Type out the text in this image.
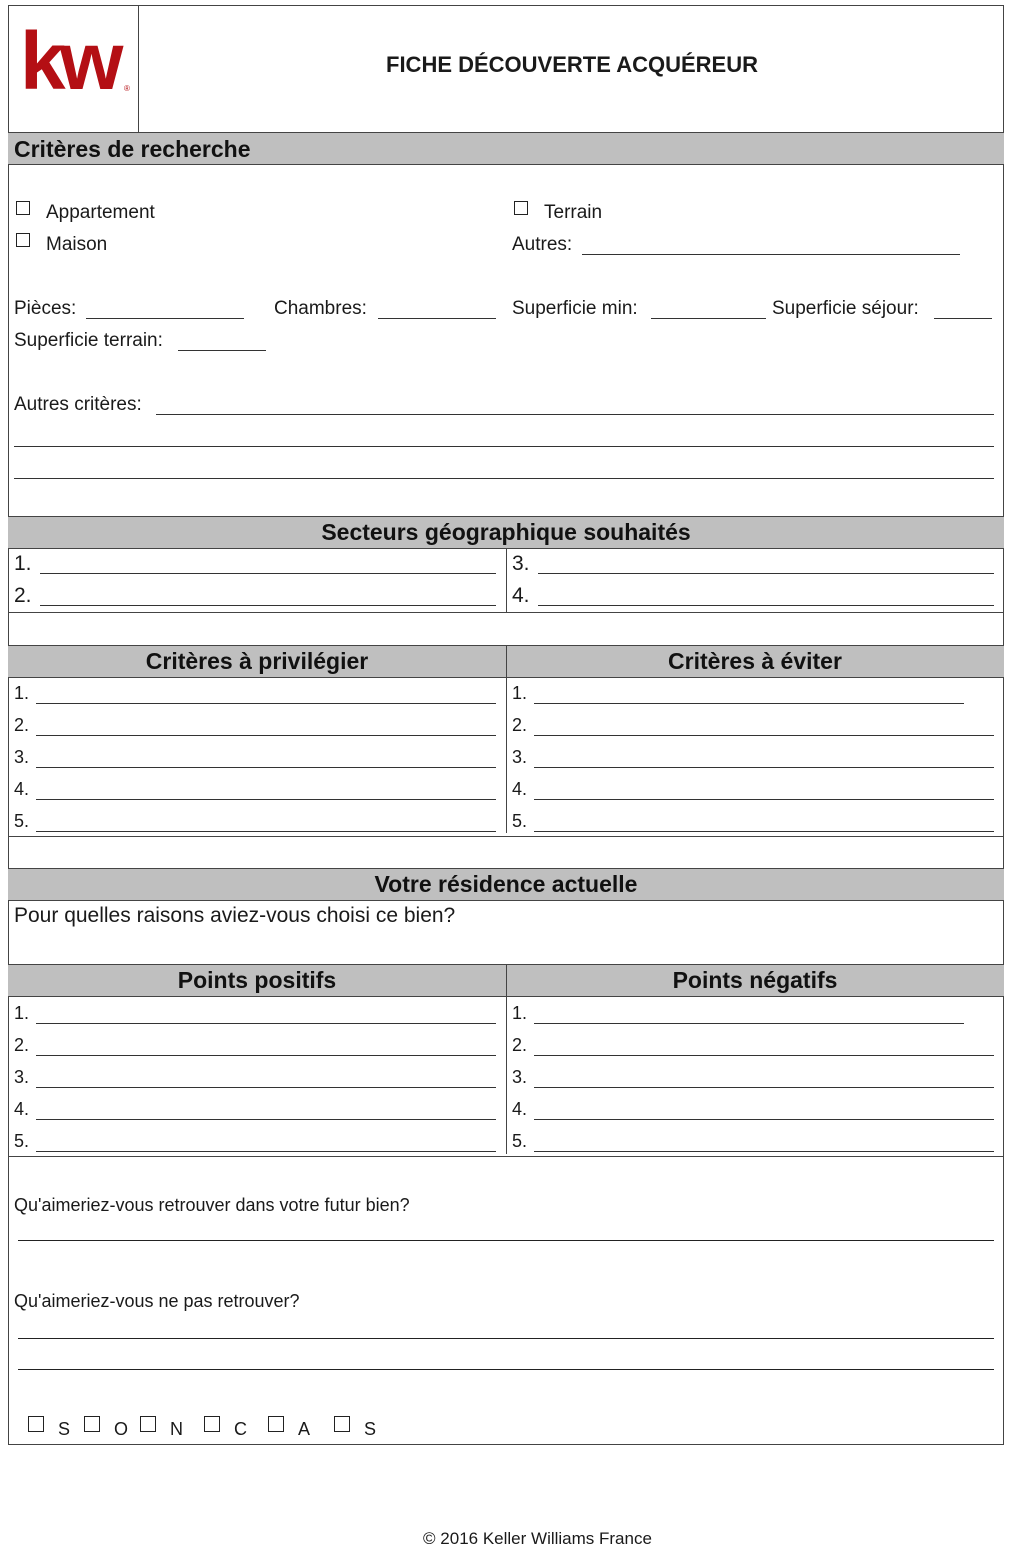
kw ®
FICHE DÉCOUVERTE ACQUÉREUR
Critères de recherche
Appartement
Maison
Terrain
Autres:
Pièces:	Chambres:	Superficie min:	Superficie séjour:
Superficie terrain:
Autres critères:
Secteurs géographique souhaités
1.
2.
3.
4.
Critères à privilégier	Critères à éviter
1.	1.
2.	2.
3.	3.
4.	4.
5.	5.
Votre résidence actuelle
Pour quelles raisons aviez-vous choisi ce bien?
Points positifs	Points négatifs
1.	1.
2.	2.
3.	3.
4.	4.
5.	5.
Qu'aimeriez-vous retrouver dans votre futur bien?
Qu'aimeriez-vous ne pas retrouver?
S O N	C	A	S
© 2016 Keller Williams France
